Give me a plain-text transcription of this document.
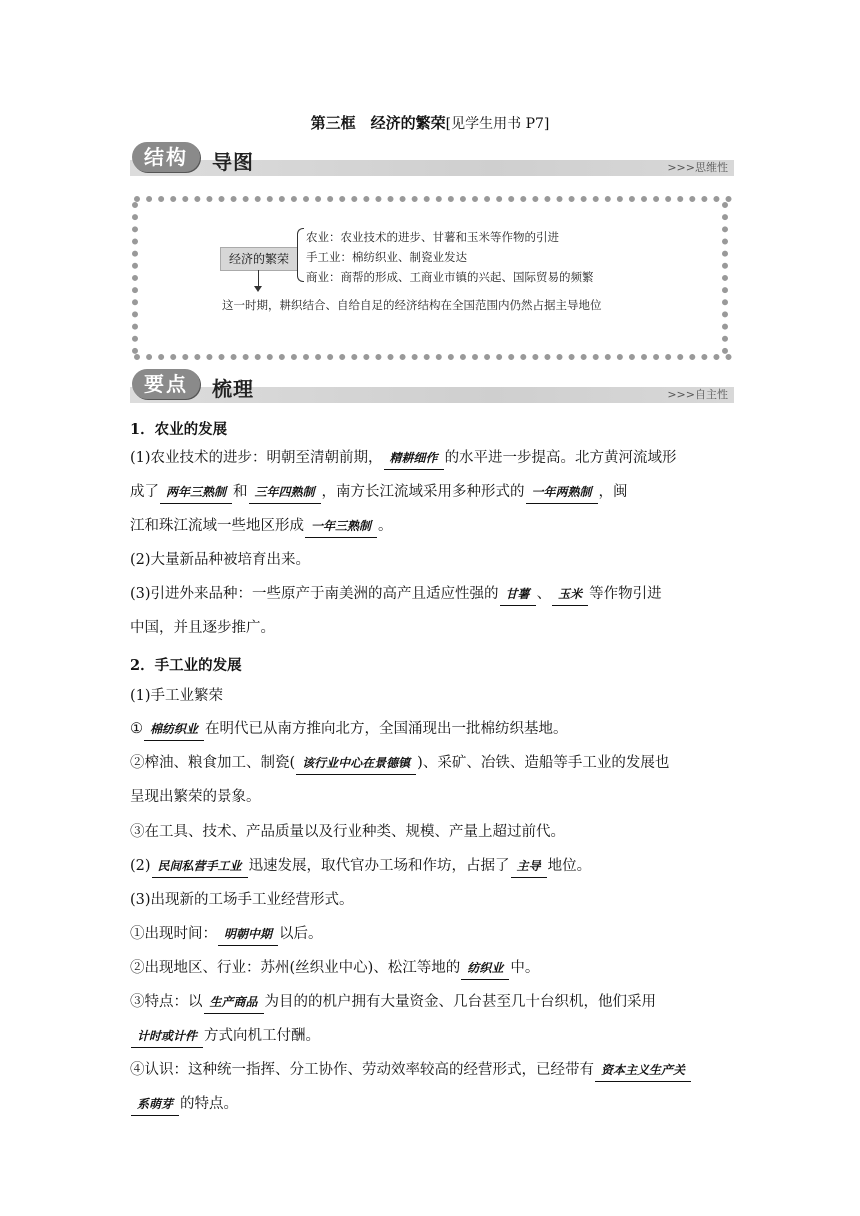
第三框　经济的繁荣[见学生用书 P7]
结构	导图	>>>思维性
经济的繁荣
农业：农业技术的进步、甘薯和玉米等作物的引进
手工业：棉纺织业、制瓷业发达
商业：商帮的形成、工商业市镇的兴起、国际贸易的频繁
这一时期，耕织结合、自给自足的经济结构在全国范围内仍然占据主导地位
要点	梳理	>>>自主性
1．农业的发展
(1)农业技术的进步：明朝至清朝前期， 精耕细作 的水平进一步提高。北方黄河流域形
成了 两年三熟制 和 三年四熟制 ，南方长江流域采用多种形式的 一年两熟制 ，闽
江和珠江流域一些地区形成 一年三熟制 。
(2)大量新品种被培育出来。
(3)引进外来品种：一些原产于南美洲的高产且适应性强的 甘薯 、 玉米 等作物引进
中国，并且逐步推广。
2．手工业的发展
(1)手工业繁荣
① 棉纺织业 在明代已从南方推向北方，全国涌现出一批棉纺织基地。
②榨油、粮食加工、制瓷( 该行业中心在景德镇 )、采矿、冶铁、造船等手工业的发展也
呈现出繁荣的景象。
③在工具、技术、产品质量以及行业种类、规模、产量上超过前代。
(2) 民间私营手工业 迅速发展，取代官办工场和作坊，占据了 主导 地位。
(3)出现新的工场手工业经营形式。
①出现时间： 明朝中期 以后。
②出现地区、行业：苏州(丝织业中心)、松江等地的 纺织业 中。
③特点：以 生产商品 为目的的机户拥有大量资金、几台甚至几十台织机，他们采用
计时或计件 方式向机工付酬。
④认识：这种统一指挥、分工协作、劳动效率较高的经营形式，已经带有 资本主义生产关
系萌芽 的特点。
